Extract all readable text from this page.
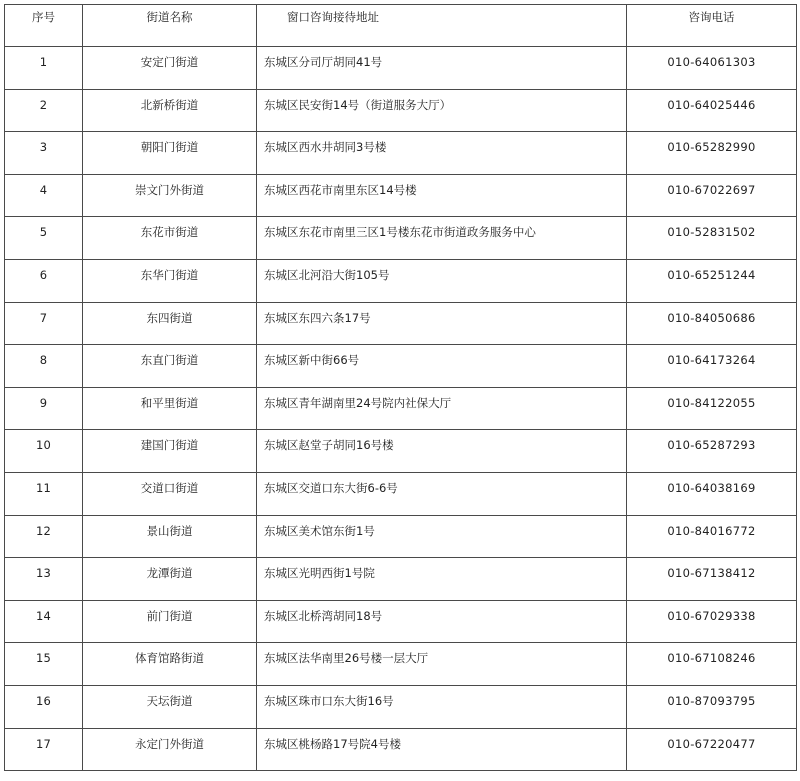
序号	街道名称	窗口咨询接待地址	咨询电话
1	安定门街道	东城区分司厅胡同41号	010-64061303
2	北新桥街道	东城区民安街14号（街道服务大厅）	010-64025446
3	朝阳门街道	东城区西水井胡同3号楼	010-65282990
4	崇文门外街道	东城区西花市南里东区14号楼	010-67022697
5	东花市街道	东城区东花市南里三区1号楼东花市街道政务服务中心	010-52831502
6	东华门街道	东城区北河沿大街105号	010-65251244
7	东四街道	东城区东四六条17号	010-84050686
8	东直门街道	东城区新中街66号	010-64173264
9	和平里街道	东城区青年湖南里24号院内社保大厅	010-84122055
10	建国门街道	东城区赵堂子胡同16号楼	010-65287293
11	交道口街道	东城区交道口东大街6-6号	010-64038169
12	景山街道	东城区美术馆东街1号	010-84016772
13	龙潭街道	东城区光明西街1号院	010-67138412
14	前门街道	东城区北桥湾胡同18号	010-67029338
15	体育馆路街道	东城区法华南里26号楼一层大厅	010-67108246
16	天坛街道	东城区珠市口东大街16号	010-87093795
17	永定门外街道	东城区桃杨路17号院4号楼	010-67220477
